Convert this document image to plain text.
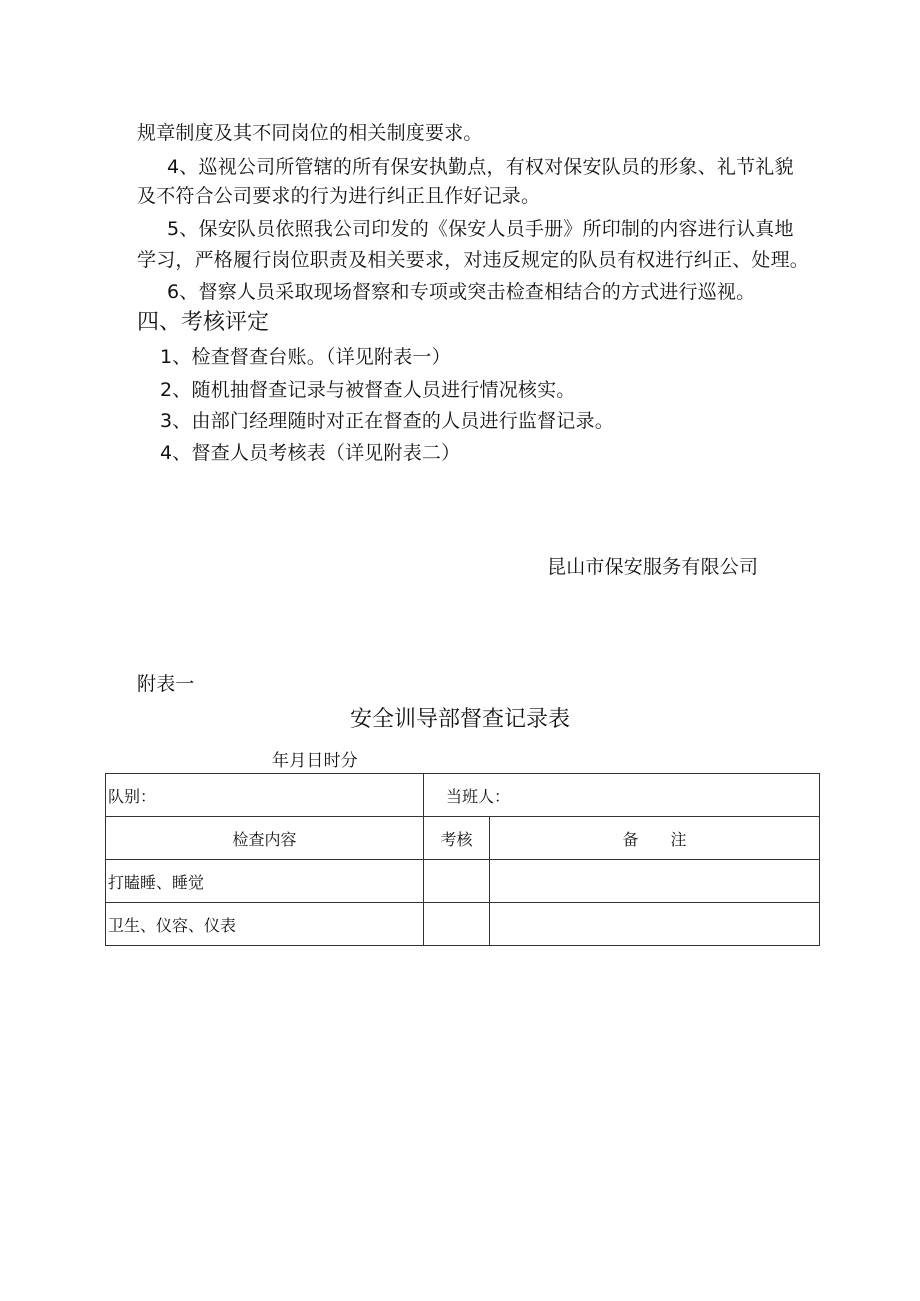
规章制度及其不同岗位的相关制度要求。
4、巡视公司所管辖的所有保安执勤点，有权对保安队员的形象、礼节礼貌
及不符合公司要求的行为进行纠正且作好记录。
5、保安队员依照我公司印发的《保安人员手册》所印制的内容进行认真地
学习，严格履行岗位职责及相关要求，对违反规定的队员有权进行纠正、处理。
6、督察人员采取现场督察和专项或突击检查相结合的方式进行巡视。
四、考核评定
1、检查督查台账。（详见附表一）
2、随机抽督查记录与被督查人员进行情况核实。
3、由部门经理随时对正在督查的人员进行监督记录。
4、督查人员考核表（详见附表二）
昆山市保安服务有限公司
附表一
安全训导部督查记录表
年月日时分
队别：	当班人：	
检查内容	考核	备　　注
打瞌睡、睡觉		
卫生、仪容、仪表		
